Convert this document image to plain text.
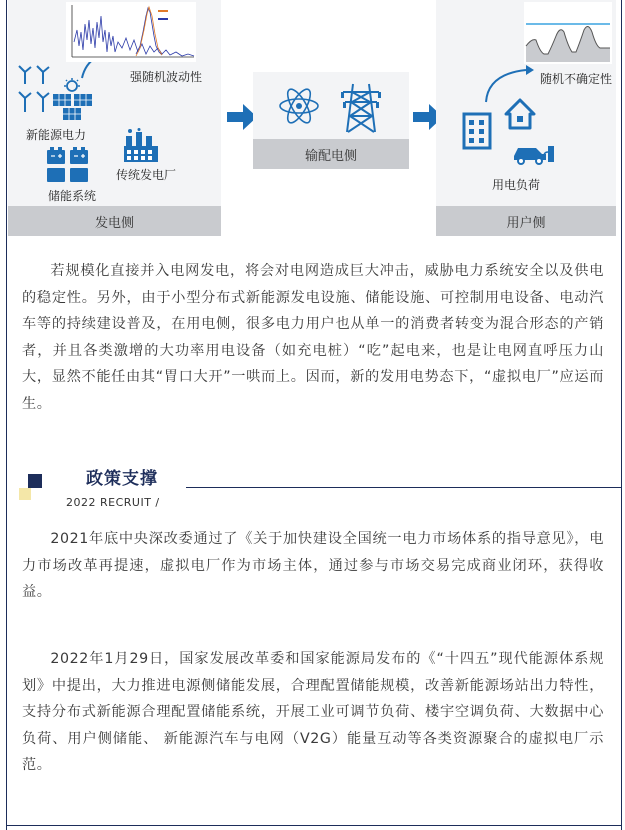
新能源电力
强随机波动性
储能系统
传统发电厂
发电侧
输配电侧
随机不确定性
用电负荷
用户侧

若规模化直接并入电网发电，将会对电网造成巨大冲击，威胁电力系统安全以及供电的稳定性。另外，由于小型分布式新能源发电设施、储能设施、可控制用电设备、电动汽车等的持续建设普及，在用电侧，很多电力用户也从单一的消费者转变为混合形态的产销者，并且各类激增的大功率用电设备（如充电桩）“吃”起电来，也是让电网直呼压力山大，显然不能任由其“胃口大开”一哄而上。因而，新的发用电势态下，“虚拟电厂”应运而生。

政策支撑
2022 RECRUIT /

2021年底中央深改委通过了《关于加快建设全国统一电力市场体系的指导意见》，电力市场改革再提速，虚拟电厂作为市场主体，通过参与市场交易完成商业闭环，获得收益。

2022年1月29日，国家发展改革委和国家能源局发布的《“十四五”现代能源体系规划》中提出，大力推进电源侧储能发展，合理配置储能规模，改善新能源场站出力特性，支持分布式新能源合理配置储能系统，开展工业可调节负荷、楼宇空调负荷、大数据中心负荷、用户侧储能、 新能源汽车与电网（V2G）能量互动等各类资源聚合的虚拟电厂示范。
